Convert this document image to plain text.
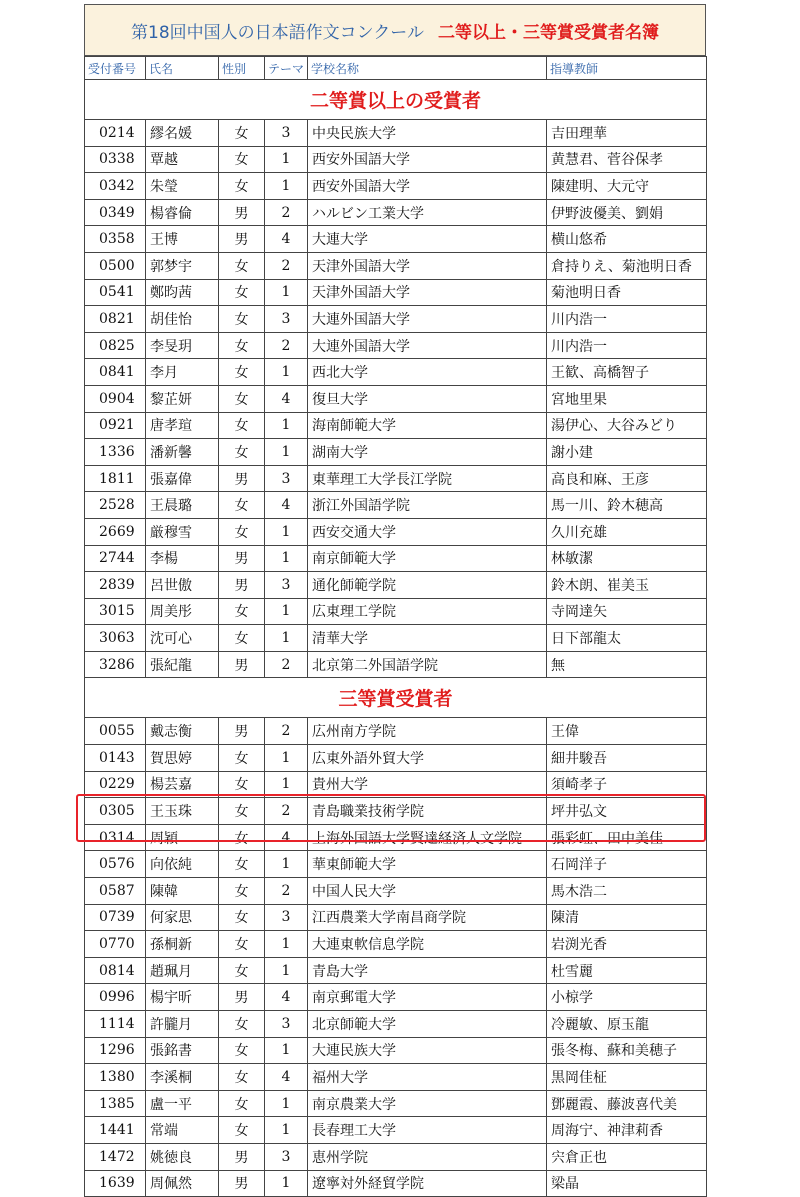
第18回中国人の日本語作文コンクール 二等以上・三等賞受賞者名簿
受付番号	氏名	性別	テーマ	学校名称	指導教師
二等賞以上の受賞者					
0214	繆名媛	女	3	中央民族大学	吉田理華
0338	覃越	女	1	西安外国語大学	黄慧君、菅谷保孝
0342	朱瑩	女	1	西安外国語大学	陳建明、大元守
0349	楊睿倫	男	2	ハルビン工業大学	伊野波優美、劉娟
0358	王博	男	4	大連大学	横山悠希
0500	郭梦宇	女	2	天津外国語大学	倉持りえ、菊池明日香
0541	鄭昀茜	女	1	天津外国語大学	菊池明日香
0821	胡佳怡	女	3	大連外国語大学	川内浩一
0825	李旻玥	女	2	大連外国語大学	川内浩一
0841	李月	女	1	西北大学	王歓、高橋智子
0904	黎芷妍	女	4	復旦大学	宮地里果
0921	唐孝瑄	女	1	海南師範大学	湯伊心、大谷みどり
1336	潘新馨	女	1	湖南大学	謝小建
1811	張嘉偉	男	3	東華理工大学長江学院	高良和麻、王彦
2528	王晨璐	女	4	浙江外国語学院	馬一川、鈴木穂高
2669	厳穆雪	女	1	西安交通大学	久川充雄
2744	李楊	男	1	南京師範大学	林敏潔
2839	呂世傲	男	3	通化師範学院	鈴木朗、崔美玉
3015	周美彤	女	1	広東理工学院	寺岡達矢
3063	沈可心	女	1	清華大学	日下部龍太
3286	張紀龍	男	2	北京第二外国語学院	無
三等賞受賞者					
0055	戴志衡	男	2	広州南方学院	王偉
0143	賀思婷	女	1	広東外語外貿大学	細井駿吾
0229	楊芸嘉	女	1	貴州大学	須崎孝子
0305	王玉珠	女	2	青島職業技術学院	坪井弘文
0314	周穎	女	4	上海外国語大学賢達経済人文学院	張彩虹、田中美佳
0576	向依純	女	1	華東師範大学	石岡洋子
0587	陳韓	女	2	中国人民大学	馬木浩二
0739	何家思	女	3	江西農業大学南昌商学院	陳清
0770	孫桐新	女	1	大連東軟信息学院	岩渕光香
0814	趙珮月	女	1	青島大学	杜雪麗
0996	楊宇昕	男	4	南京郵電大学	小椋学
1114	許朧月	女	3	北京師範大学	冷麗敏、原玉龍
1296	張銘書	女	1	大連民族大学	張冬梅、蘇和美穂子
1380	李溪桐	女	4	福州大学	黒岡佳柾
1385	盧一平	女	1	南京農業大学	鄧麗霞、藤波喜代美
1441	常端	女	1	長春理工大学	周海宁、神津莉香
1472	姚徳良	男	3	恵州学院	宍倉正也
1639	周佩然	男	1	遼寧対外経貿学院	梁晶
